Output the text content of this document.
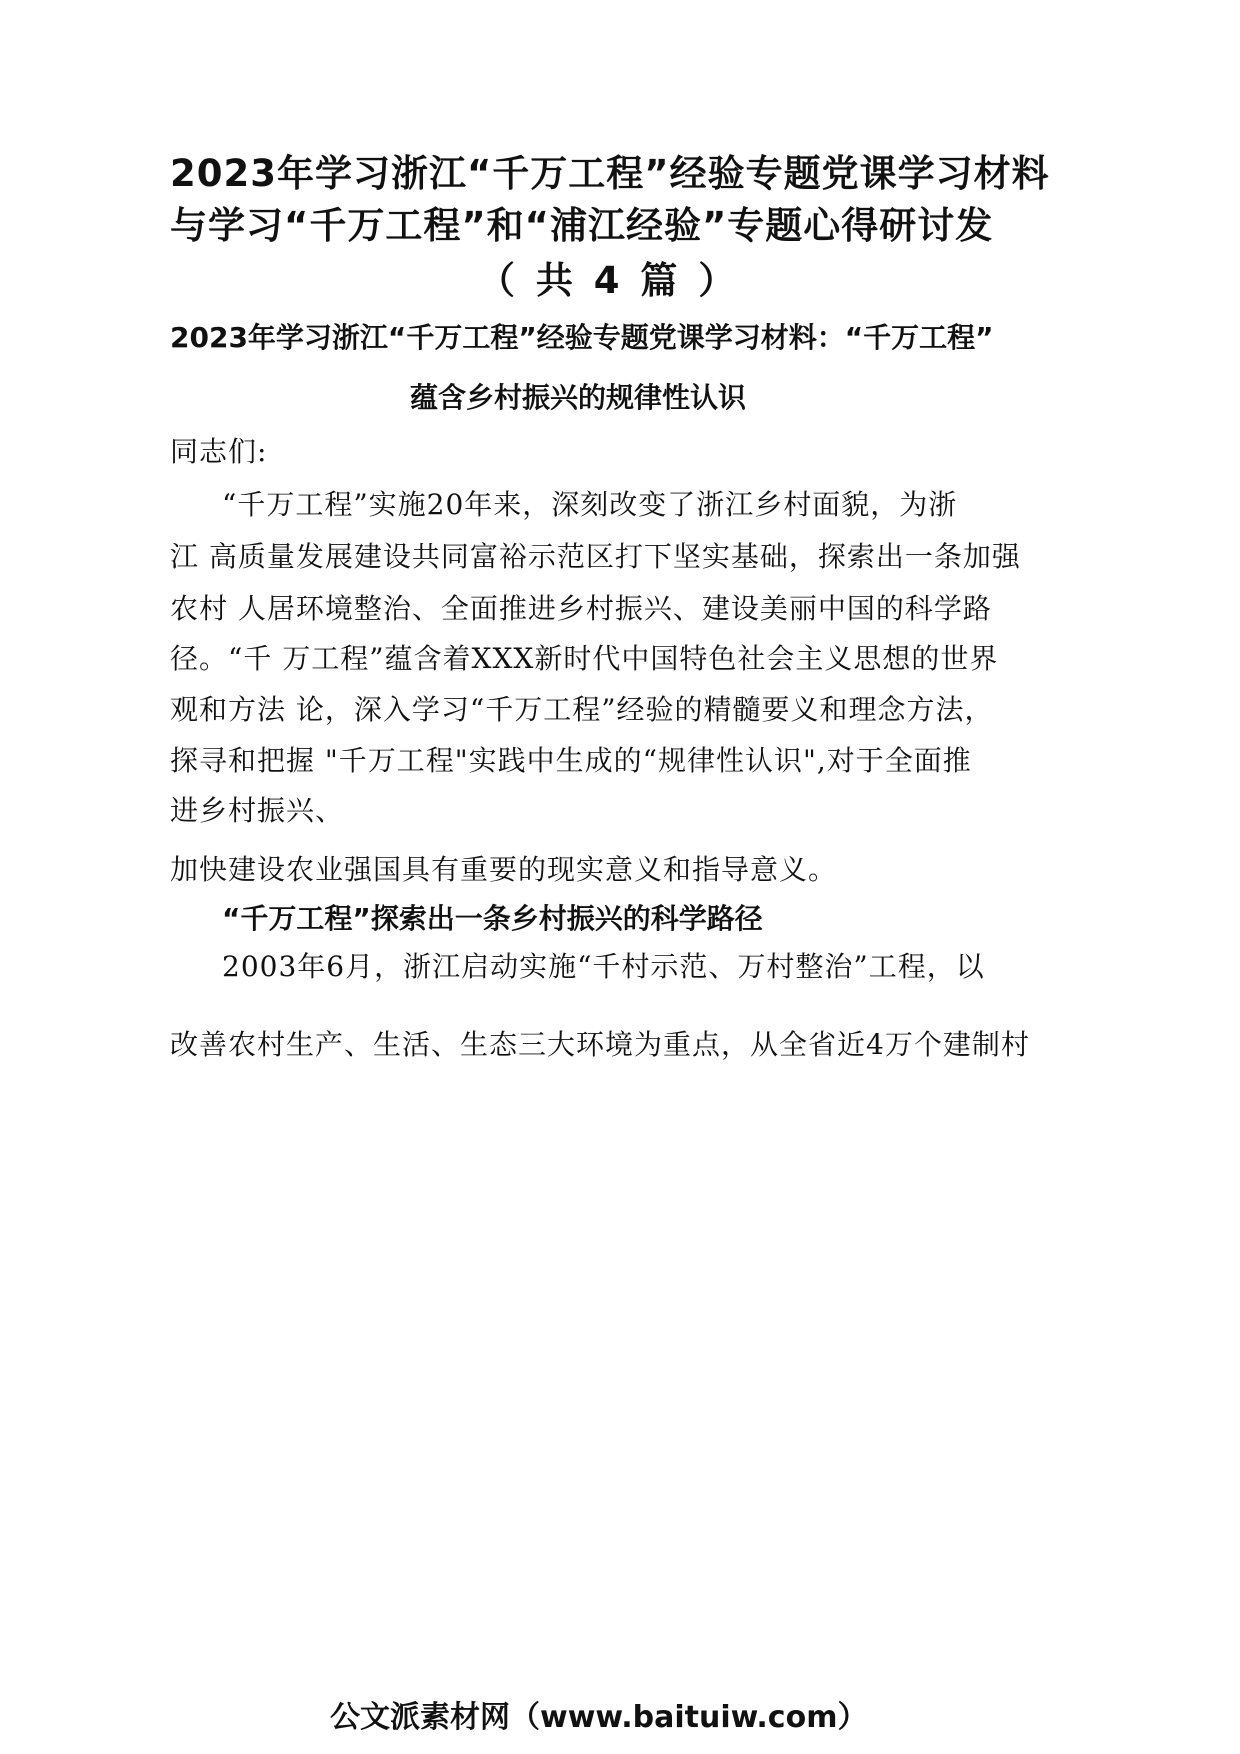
2023年学习浙江“千万工程”经验专题党课学习材料
与学习“千万工程”和“浦江经验”专题心得研讨发
（ 共 4 篇 ）
2023年学习浙江“千万工程”经验专题党课学习材料：“千万工程”
蕴含乡村振兴的规律性认识
同志们:
“千万工程”实施20年来，深刻改变了浙江乡村面貌，为浙
江 高质量发展建设共同富裕示范区打下坚实基础，探索出一条加强
农村 人居环境整治、全面推进乡村振兴、建设美丽中国的科学路
径。“千 万工程”蕴含着XXX新时代中国特色社会主义思想的世界
观和方法 论，深入学习“千万工程”经验的精髓要义和理念方法，
探寻和把握 "千万工程"实践中生成的“规律性认识",对于全面推
进乡村振兴、
加快建设农业强国具有重要的现实意义和指导意义。
“千万工程”探索出一条乡村振兴的科学路径
2003年6月，浙江启动实施“千村示范、万村整治”工程，以
改善农村生产、生活、生态三大环境为重点，从全省近4万个建制村
公文派素材网（www.baituiw.com）
